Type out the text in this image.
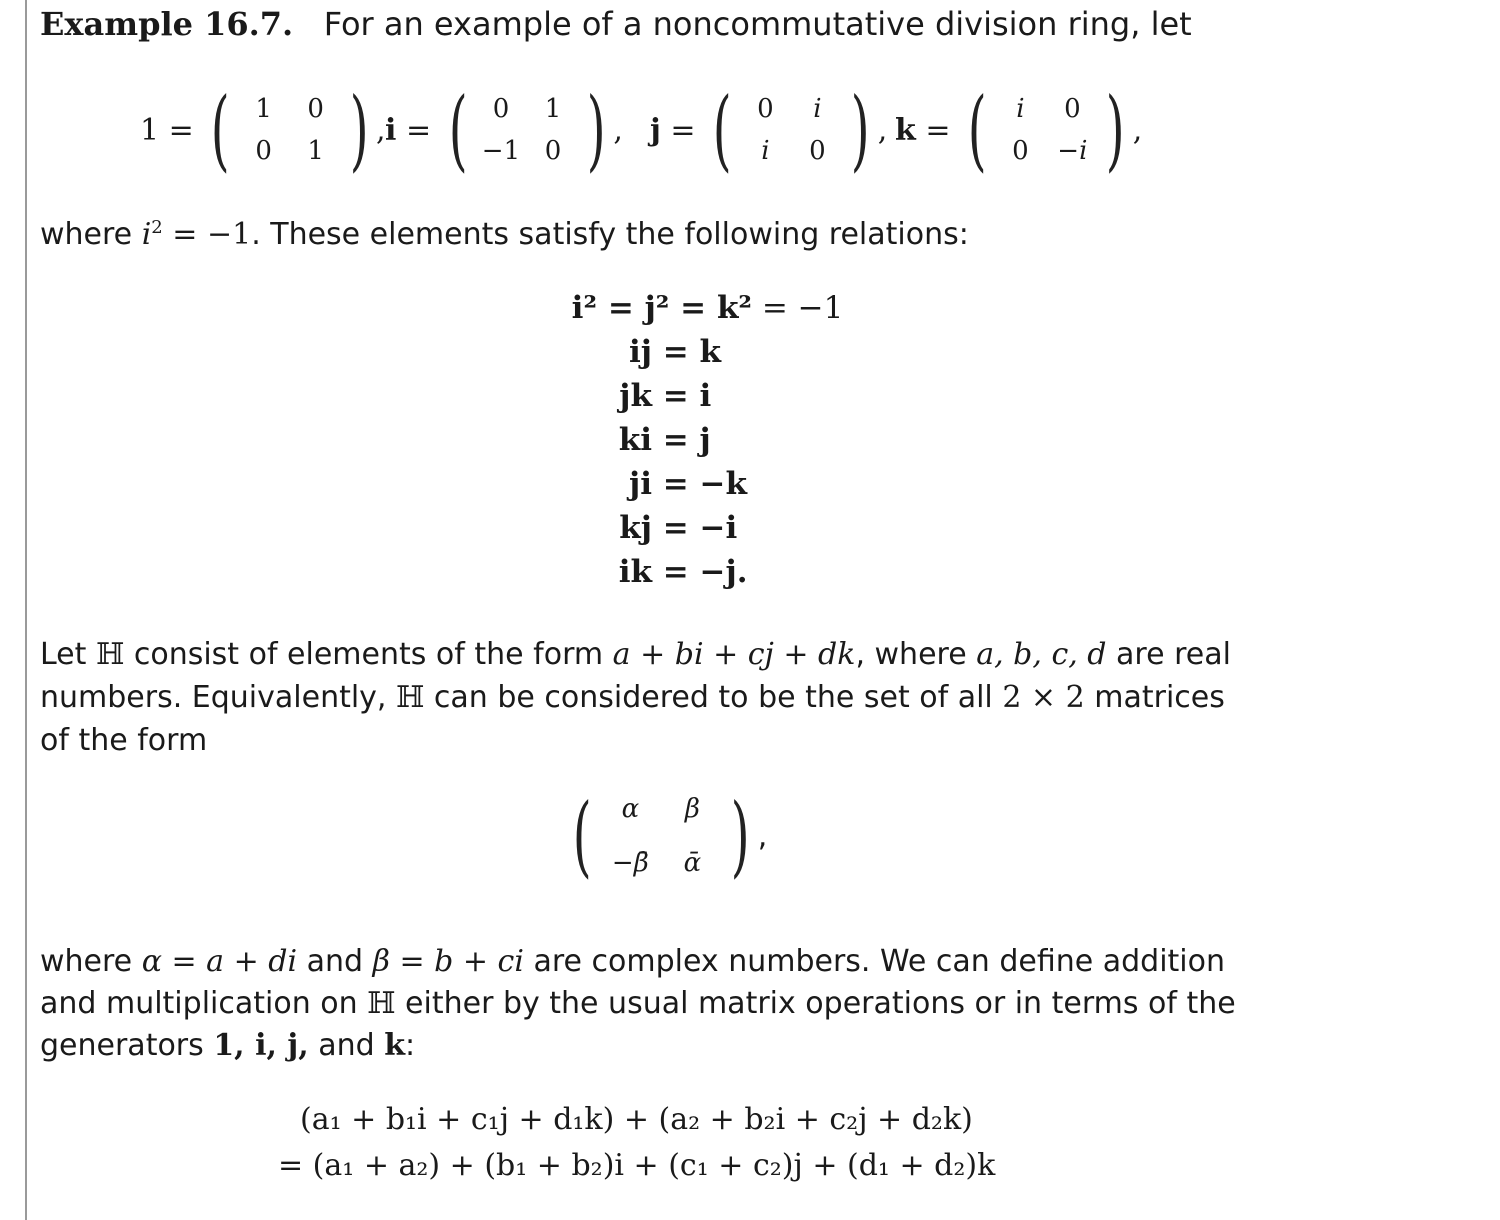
Example 16.7. For an example of a noncommutative division ring, let
1 = ( 1	0
0	1 ) , i = ( 0	1
−1 0 ) , j = ( 0	i
i	0 ) , k = (	i	0
0	−i ) ,
where $i^2 = -1$. These elements satisfy the following relations:
i² = j² = k² = −1
ij = k
jk = i
ki = j
ji = −k
kj = −i
ik = −j.
Let ℍ consist of elements of the form a + bi + cj + dk, where a, b, c, d are real
numbers. Equivalently, ℍ can be considered to be the set of all 2 × 2 matrices
of the form
(	α	β
−β̄	ᾱ ) ,
where α = a + di and β = b + ci are complex numbers. We can define addition
and multiplication on ℍ either by the usual matrix operations or in terms of the
generators 1, i, j, and k:
(a₁ + b₁i + c₁j + d₁k) + (a₂ + b₂i + c₂j + d₂k)
= (a₁ + a₂) + (b₁ + b₂)i + (c₁ + c₂)j + (d₁ + d₂)k
